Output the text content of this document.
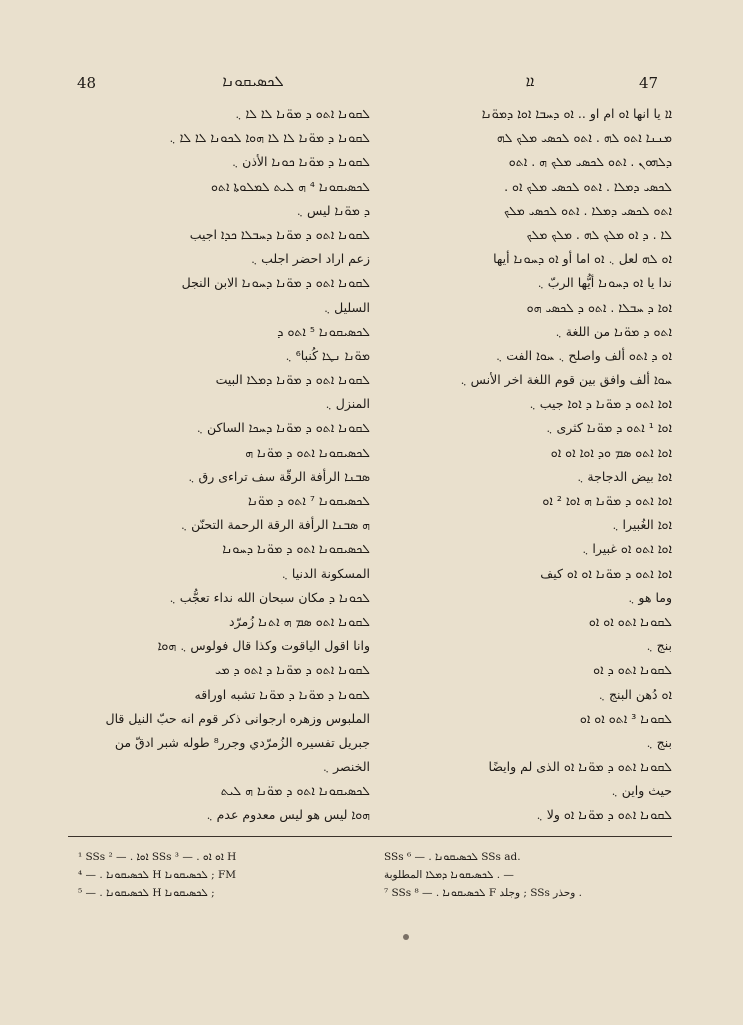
48	ܠܟܣܝܩܘܢܐ	ܐܐ	47
ܠܩܘܢܐ ܐܬܘ ܕ ܡܘ̈ܢܐ ܠܐ ܠܐ ܆
ܠܩܘܢܐ ܕ ܡܘ̈ܢܐ ܠܐ ܠܐ ܗܘܐ ܠܟܘܢܐ ܠܐ ܠܐ ܆
ܠܩܘܢܐ ܕ ܡܘ̈ܢܐ ܟܘܢܐ الأذن ܆
ܠܟܣܝܩܘܢܐ ⁴ ܗ ܠܝܬ ܠܡܠܘܬܐ ܐܬܘ
ܕ ܡܘ̈ܢܐ ليس ܆
ܠܩܘܢܐ ܐܬܘ ܕ ܡܘ̈ܢܐ ܕܚܒܠܐ ܟܕܐ اجيب
زعم اراد احضر اجلب ܆
ܠܩܘܢܐ ܐܬܘ ܕ ܡܘ̈ܢܐ ܕܚܘܢܐ الابن النجل
السليل ܆
ܠܟܣܝܩܘܢܐ ⁵ ܐܬܘ ܕ
ܡܘ̈ܢܐ ܢܛܐ كُنبا⁶ ܆
ܠܩܘܢܐ ܐܬܘ ܕ ܡܘ̈ܢܐ ܕܡܠܐ البيت
المنزل ܆
ܠܩܘܢܐ ܐܬܘ ܕ ܡܘ̈ܢܐ ܕܚܟܐ الساكن ܆
ܠܟܣܝܩܘܢܐ ܐܬܘ ܕ ܡܘ̈ܢܐ ܗ
ܣܒܢܐ الرأفة الرقّة سف تراءى رق ܆
ܠܟܣܝܩܘܢܐ ⁷ ܐܬܘ ܕ ܡܘ̈ܢܐ
ܗ ܣܒܢܐ الرأفة الرقة الرحمة التحنّن ܆
ܠܟܣܝܩܘܢܐ ܐܬܘ ܕ ܡܘ̈ܢܐ ܕܚܘܢܐ
المسكونة الدنيا ܆
ܠܟܘܢܐ ܕ مكان سبحان الله نداء تعجُّب ܆
ܠܩܘܢܐ ܐܬܘ ܣܡ ܗ ܐܬܢܐ زُمرّد
وانا اقول الياقوت وكذا قال فولوس ܆ ܗܘܐ
ܠܩܘܢܐ ܐܬܘ ܕ ܡܘ̈ܢܐ ܕ ܐܬܘ ܕ ܡܝ
ܠܩܘܢܐ ܕ ܡܘ̈ܢܐ ܕ ܡܘ̈ܢܐ تشبه اوراقه
الملبوس وزهره ارجوانى ذكر قوم انه حبّ النيل قال
جبريل تفسيره الزُمرّدي وجرر⁸ طوله شبر ادقّ من
الخنصر ܆
ܠܟܣܝܩܘܢܐ ܐܬܘ ܕ ܡܘ̈ܢܐ ܗ ܠܝܬ
ܗܘܐ ليس هو ليس معدوم عدم ܆
ܐܐ يا انها ܐܘ ام او .. ܐܘ ܕܚܒܐ ܐܘܐ ܕܡܘ̈ܢܐ
ܡܢܢܐ ܐܬܘ ܠܗ . ܐܬܘ ܠܟܣܝ ܡܠܟ ܠܗ
ܕܠܗܘܢ . ܐܬܘ ܠܟܣܝ ܡܠܟ ܗ . ܐܬܘ
ܠܟܣܝ ܕܡܠܐ . ܐܬܘ ܠܟܣܝ ܡܠܟ ܐܘ .
ܐܬܘ ܠܟܣܝ ܕܡܠܐ . ܐܬܘ ܠܟܣܝ ܡܠܟ
ܠܐ . ܕ ܐܘ ܡܠܟ ܠܗ . ܡܠܟ ܡܠܟ
ܐܘ ܠܗ لعل ܆ ܐܘ اما أو ܐܘ ܕܚܘܢܐ أيها
ندا يا ܐܘ ܕܚܘܢܐ أيُّها الربّ ܆
ܐܘܐ ܕ ܚܒܠܐ . ܐܬܘ ܕ ܠܟܣܝ ܗܘ
ܐܬܘ ܕ ܡܘ̈ܢܐ من اللغة ܆
ܐܘ ܕ ܐܬܘ ألف واصلح ܆ ܚܘܐ الفت ܆
ܚܘܐ ألف وافق بين قوم اللغة اخر الأنس ܆
ܐܘܐ ܐܬܘ ܕ ܡܘ̈ܢܐ ܕ ܐܘܐ جيب ܆
ܐܘܐ ¹ ܐܬܘ ܕ ܡܘ̈ܢܐ كثرى ܆
ܐܘܐ ܐܬܘ ܣܡ ܘܕ ܐܘܐ ܐܘ ܐܘ
ܐܘܐ بيض الدجاجة ܆
ܐܘܐ ܐܬܘ ܕ ܡܘ̈ܢܐ ܗ ܐܘܐ ² ܐܘ
ܐܘܐ الغُبيرا ܆
ܐܘܐ ܐܬܘ ܐܘ غبيرا ܆
ܐܘܐ ܐܬܘ ܕ ܡܘ̈ܢܐ ܐܘ ܐܘ كيف
وما هو ܆
ܠܩܘܢܐ ܐܬܘ ܐܘ ܐܘ
بنج ܆
ܠܩܘܢܐ ܐܬܘ ܕ ܐܘ
ܐܘ دُهن البنج ܆
ܠܩܘܢܐ ³ ܐܬܘ ܐܘ ܐܘ
بنج ܆
ܠܩܘܢܐ ܐܬܘ ܕ ܡܘ̈ܢܐ ܐܘ الذى لم وايضًا
حيث واين ܆
ܠܩܘܢܐ ܐܬܘ ܕ ܡܘ̈ܢܐ ܐܘ ولا ܆
¹ SSs ܐܘܐ . — ² SSs ܐܘ ܐܘ . — ³ H
ܠܟܣܝܩܘܢܐ . — ⁴ H ܠܟܣܝܩܘܢܐ ; FM
ܠܟܣܝܩܘܢܐ . — ⁵ H ܠܟܣܝܩܘܢܐ ;
SSs ܠܟܣܝܩܘܢܐ . — ⁶ SSs ad.
ܠܟܣܝܩܘܢܐ ܕܡܠܐ المطلوبة . —
⁷ SSs ܠܟܣܝܩܘܢܐ . — ⁸ F وجلد ; SSs وحذر .
